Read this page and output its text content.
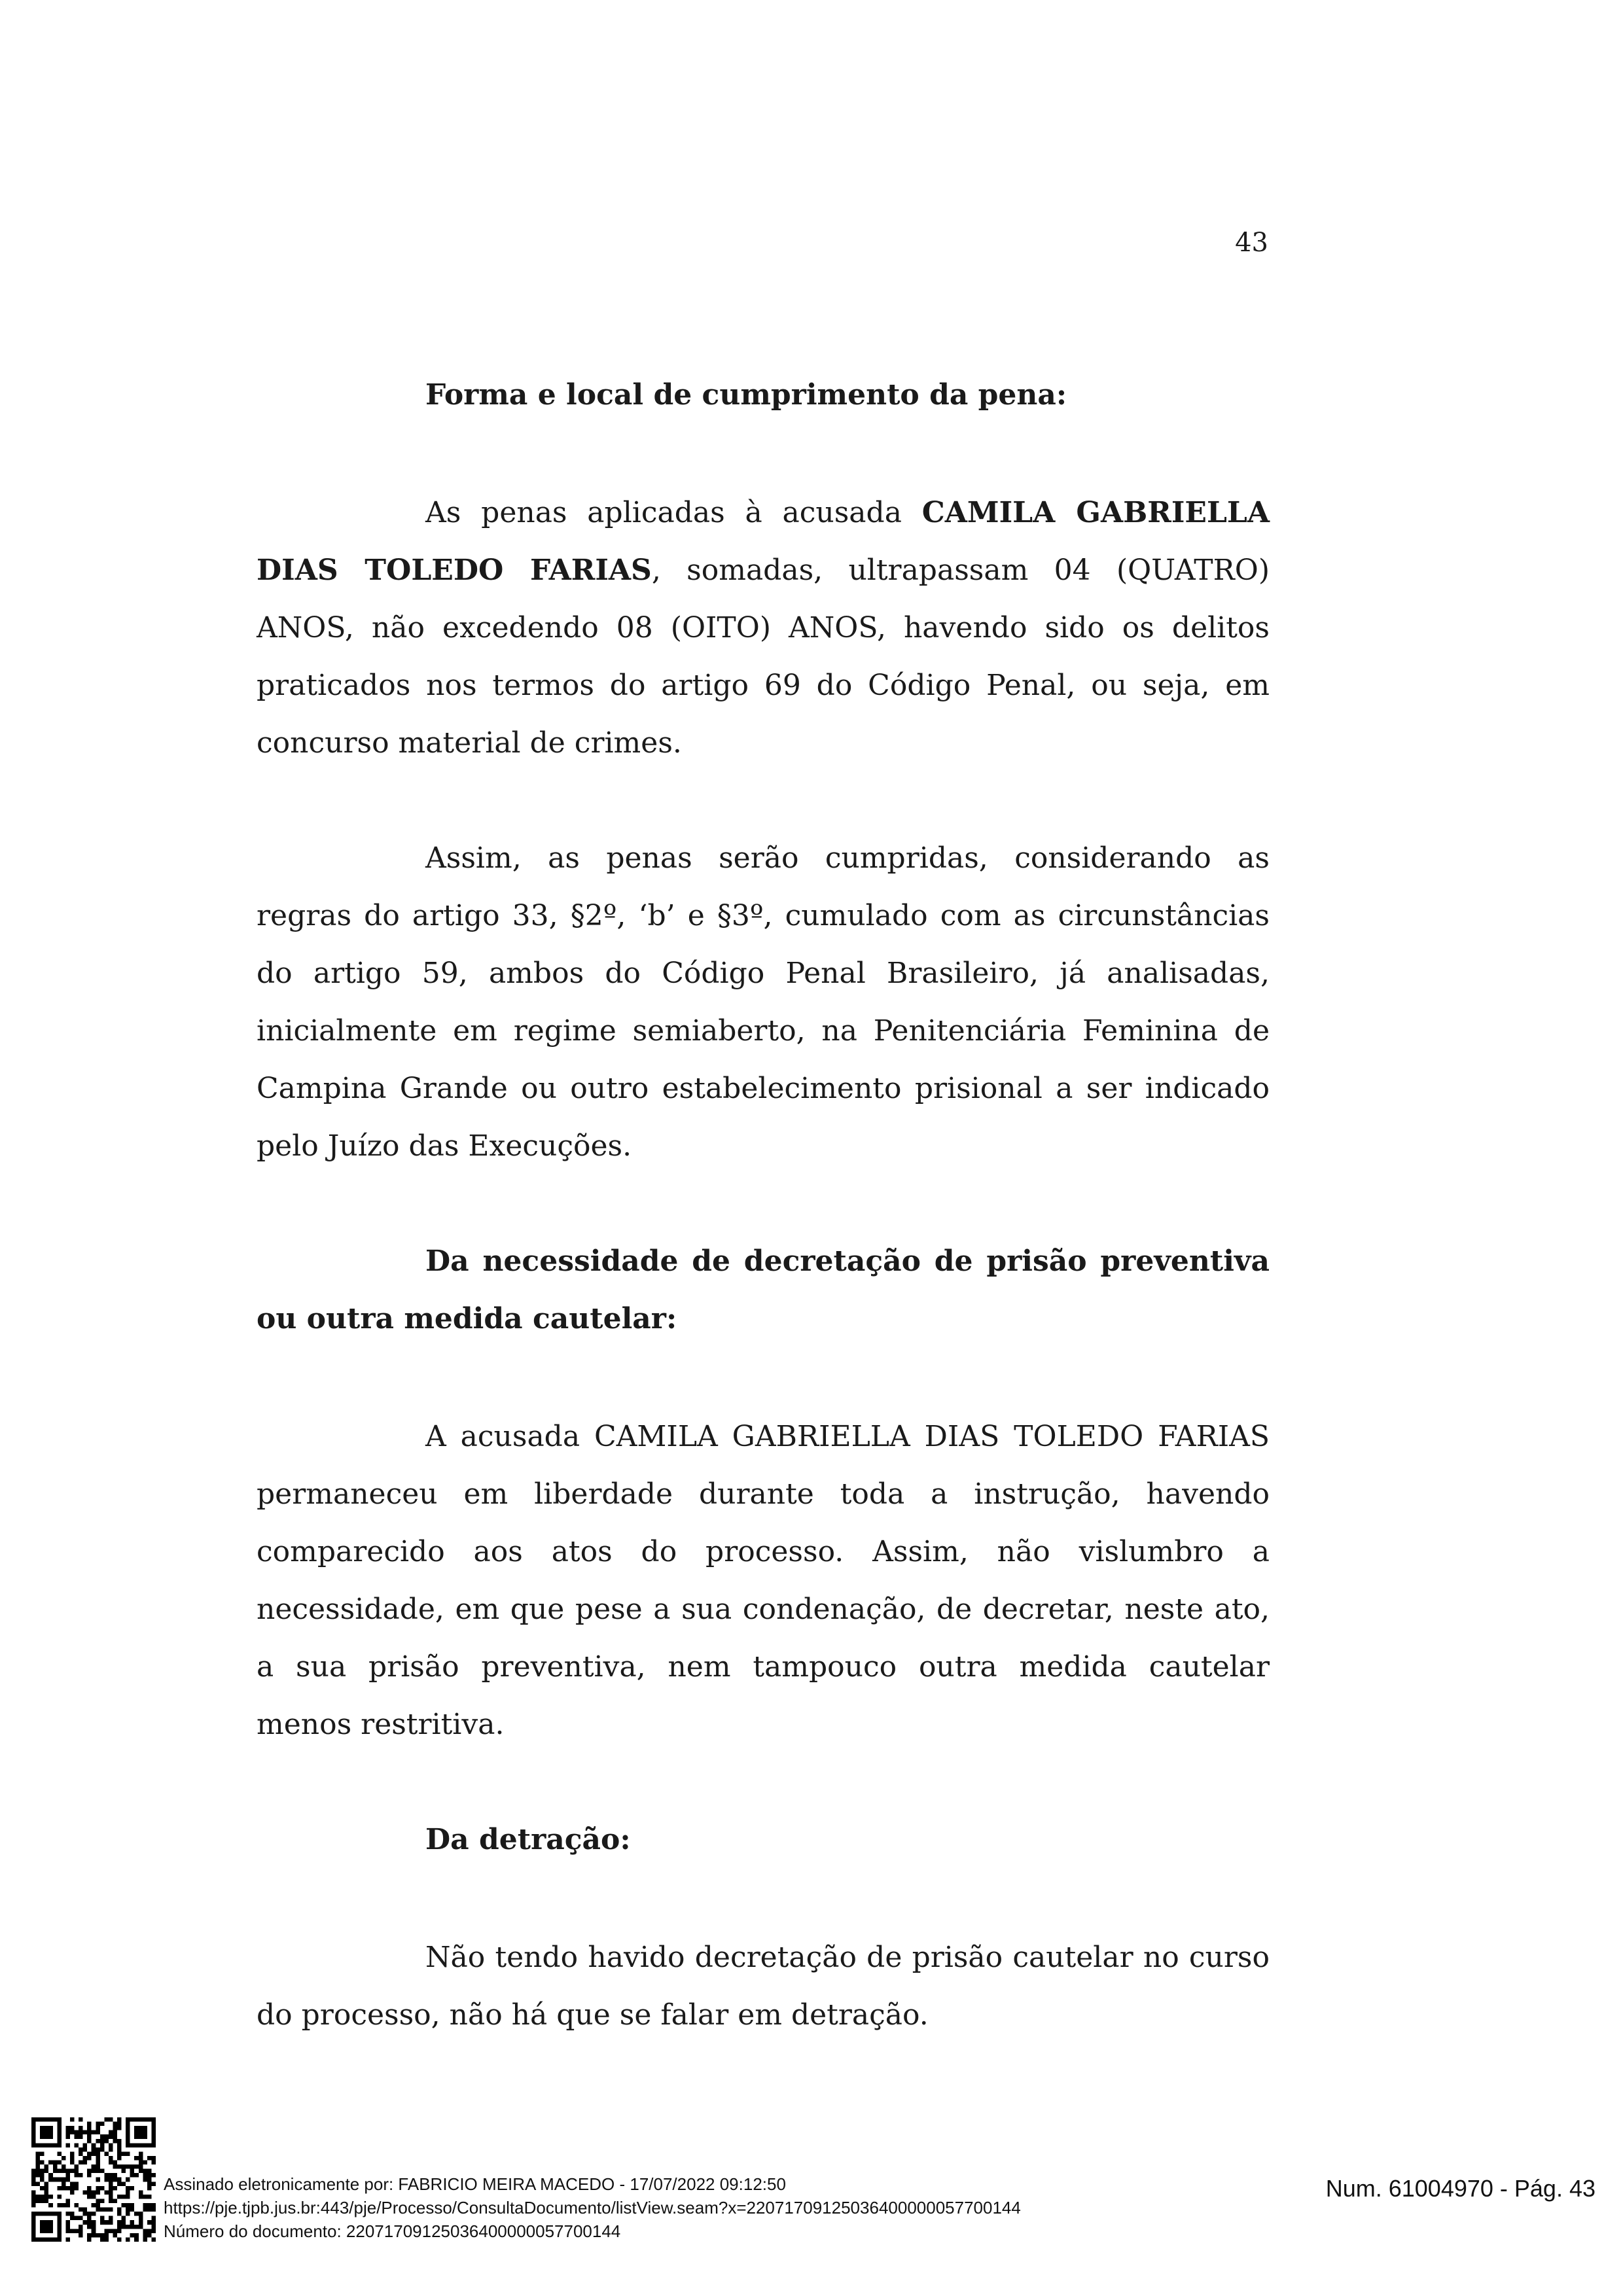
43

Forma e local de cumprimento da pena:

As penas aplicadas à acusada CAMILA GABRIELLA DIAS TOLEDO FARIAS, somadas, ultrapassam 04 (QUATRO) ANOS, não excedendo 08 (OITO) ANOS, havendo sido os delitos praticados nos termos do artigo 69 do Código Penal, ou seja, em concurso material de crimes.

Assim, as penas serão cumpridas, considerando as regras do artigo 33, §2º, ‘b’ e §3º, cumulado com as circunstâncias do artigo 59, ambos do Código Penal Brasileiro, já analisadas, inicialmente em regime semiaberto, na Penitenciária Feminina de Campina Grande ou outro estabelecimento prisional a ser indicado pelo Juízo das Execuções.

Da necessidade de decretação de prisão preventiva ou outra medida cautelar:

A acusada CAMILA GABRIELLA DIAS TOLEDO FARIAS permaneceu em liberdade durante toda a instrução, havendo comparecido aos atos do processo. Assim, não vislumbro a necessidade, em que pese a sua condenação, de decretar, neste ato, a sua prisão preventiva, nem tampouco outra medida cautelar menos restritiva.

Da detração:

Não tendo havido decretação de prisão cautelar no curso do processo, não há que se falar em detração.

Assinado eletronicamente por: FABRICIO MEIRA MACEDO - 17/07/2022 09:12:50
https://pje.tjpb.jus.br:443/pje/Processo/ConsultaDocumento/listView.seam?x=22071709125036400000057700144
Número do documento: 22071709125036400000057700144
Num. 61004970 - Pág. 43
